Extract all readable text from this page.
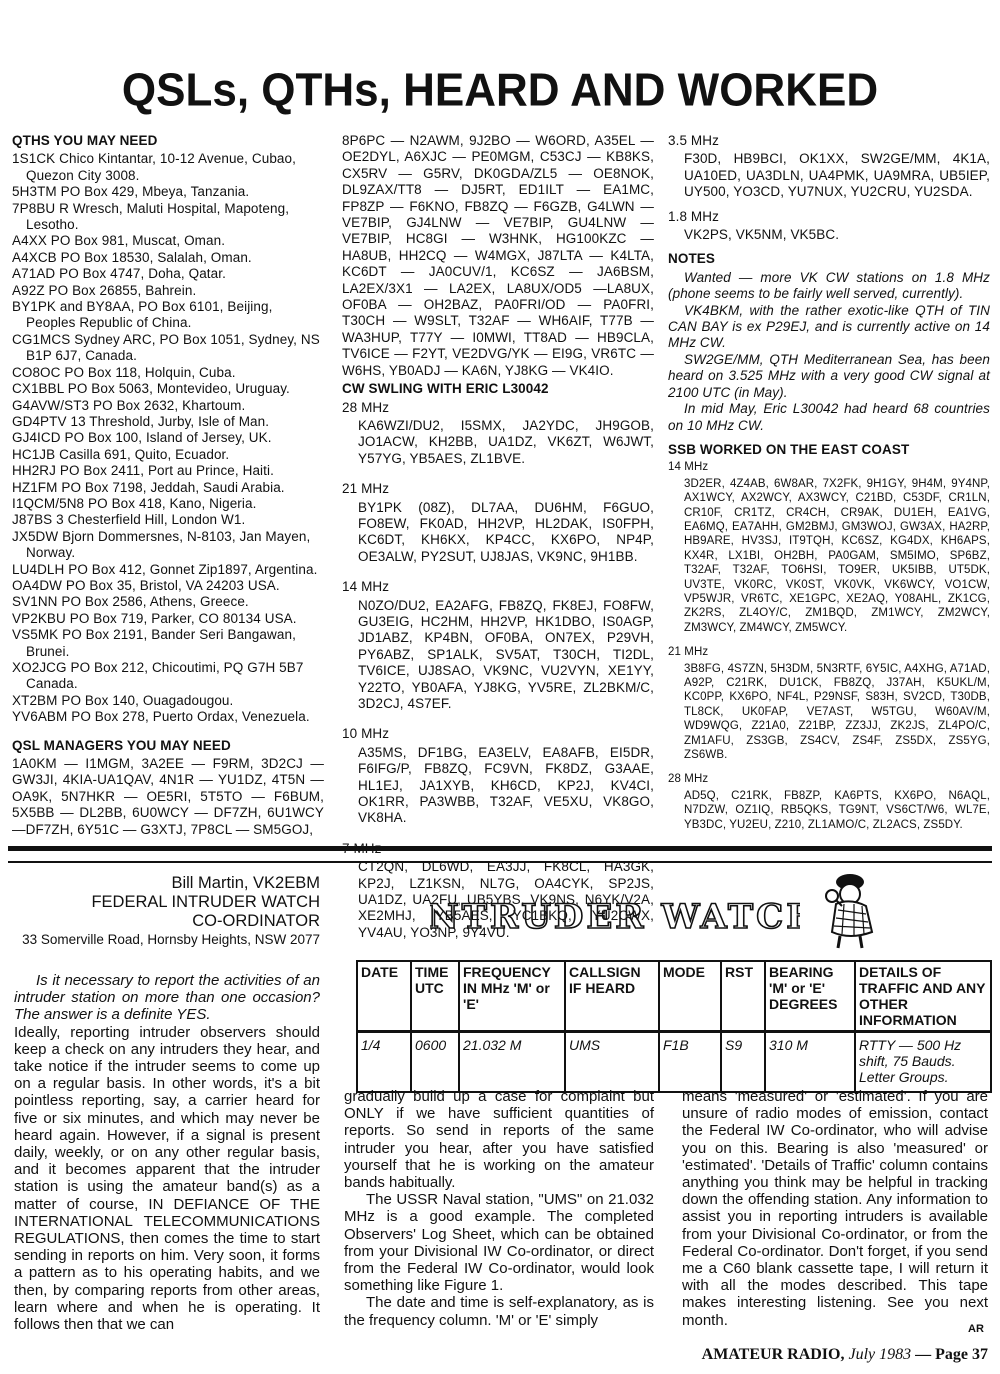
QSLs, QTHs, HEARD AND WORKED
QTHS YOU MAY NEED

1S1CK Chico Kintantar, 10-12 Avenue, Cubao, Quezon City 3008.

5H3TM PO Box 429, Mbeya, Tanzania.

7P8BU R Wresch, Maluti Hospital, Mapoteng, Lesotho.

A4XX PO Box 981, Muscat, Oman.

A4XCB PO Box 18530, Salalah, Oman.

A71AD PO Box 4747, Doha, Qatar.

A92Z PO Box 26855, Bahrein.

BY1PK and BY8AA, PO Box 6101, Beijing, Peoples Republic of China.

CG1MCS Sydney ARC, PO Box 1051, Sydney, NS B1P 6J7, Canada.

CO8OC PO Box 118, Holquin, Cuba.

CX1BBL PO Box 5063, Montevideo, Uruguay.

G4AVW/ST3 PO Box 2632, Khartoum.

GD4PTV 13 Threshold, Jurby, Isle of Man.

GJ4ICD PO Box 100, Island of Jersey, UK.

HC1JB Casilla 691, Quito, Ecuador.

HH2RJ PO Box 2411, Port au Prince, Haiti.

HZ1FM PO Box 7198, Jeddah, Saudi Arabia.

I1QCM/5N8 PO Box 418, Kano, Nigeria.

J87BS 3 Chesterfield Hill, London W1.

JX5DW Bjorn Dommersnes, N-8103, Jan Mayen, Norway.

LU4DLH PO Box 412, Gonnet Zip1897, Argentina.

OA4DW PO Box 35, Bristol, VA 24203 USA.

SV1NN PO Box 2586, Athens, Greece.

VP2KBU PO Box 719, Parker, CO 80134 USA.

VS5MK PO Box 2191, Bander Seri Bangawan, Brunei.

XO2JCG PO Box 212, Chicoutimi, PQ G7H 5B7 Canada.

XT2BM PO Box 140, Ouagadougou.

YV6ABM PO Box 278, Puerto Ordax, Venezuela.

QSL MANAGERS YOU MAY NEED

1A0KM — I1MGM, 3A2EE — F9RM, 3D2CJ — GW3JI, 4KIA-UA1QAV, 4N1R — YU1DZ, 4T5N — OA9K, 5N7HKR — OE5RI, 5T5TO — F6BUM, 5X5BB — DL2BB, 6U0WCY — DF7ZH, 6U1WCY —DF7ZH, 6Y51C — G3XTJ, 7P8CL — SM5GOJ,

8P6PC — N2AWM, 9J2BO — W6ORD, A35EL — OE2DYL, A6XJC — PE0MGM, C53CJ — KB8KS, CX5RV — G5RV, DK0GDA/ZL5 — OE8NOK, DL9ZAX/TT8 — DJ5RT, ED1ILT — EA1MC, FP8ZP — F6KNO, FB8ZQ — F6GZB, G4LWN — VE7BIP, GJ4LNW — VE7BIP, GU4LNW — VE7BIP, HC8GI — W3HNK, HG100KZC — HA8UB, HH2CQ — W4MGX, J87LTA — K4LTA, KC6DT — JA0CUV/1, KC6SZ — JA6BSM, LA2EX/3X1 — LA2EX, LA8UX/OD5 —LA8UX, OF0BA — OH2BAZ, PA0FRI/OD — PA0FRI, T30CH — W9SLT, T32AF — WH6AIF, T77B —WA3HUP, T77Y — I0MWI, TT8AD — HB9CLA, TV6ICE — F2YT, VE2DVG/YK — EI9G, VR6TC — W6HS, YB0ADJ — KA6N, YJ8KG — VK4IO.

CW SWLING WITH ERIC L30042
28 MHz
KA6WZI/DU2, I5SMX, JA2YDC, JH9GOB, JO1ACW, KH2BB, UA1DZ, VK6ZT, W6JWT, Y57YG, YB5AES, ZL1BVE.
21 MHz
BY1PK (08Z), DL7AA, DU6HM, F6GUO, FO8EW, FK0AD, HH2VP, HL2DAK, IS0FPH, KC6DT, KH6KX, KP4CC, KX6PO, NP4P, OE3ALW, PY2SUT, UJ8JAS, VK9NC, 9H1BB.
14 MHz
N0ZO/DU2, EA2AFG, FB8ZQ, FK8EJ, FO8FW, GU3EIG, HC2HM, HH2VP, HK1DBO, IS0AGP, JD1ABZ, KP4BN, OF0BA, ON7EX, P29VH, PY6ABZ, SP1ALK, SV5AT, T30CH, TI2DL, TV6ICE, UJ8SAO, VK9NC, VU2VYN, XE1YY, Y22TO, YB0AFA, YJ8KG, YV5RE, ZL2BKM/C, 3D2CJ, 4S7EF.
10 MHz
A35MS, DF1BG, EA3ELV, EA8AFB, EI5DR, F6IFG/P, FB8ZQ, FC9VN, FK8DZ, G3AAE, HL1EJ, JA1XYB, KH6CD, KP2J, KV4CI, OK1RR, PA3WBB, T32AF, VE5XU, VK8GO, VK8HA.
7 MHz
CT2QN, DL6WD, EA3JJ, FK8CL, HA3GK, KP2J, LZ1KSN, NL7G, OA4CYK, SP2JS, UA1DZ, UA2FU, UB5YBS, VK9NS, N6YK/V2A, XE2MHJ, YB5AES, YC1BKQ, YU2CWX, YV4AU, YO3NP, 9Y4VU.
3.5 MHz
F30D, HB9BCI, OK1XX, SW2GE/MM, 4K1A, UA10ED, UA3DLN, UA4PMK, UA9MRA, UB5IEP, UY500, YO3CD, YU7NUX, YU2CRU, YU2SDA.
1.8 MHz
VK2PS, VK5NM, VK5BC.
NOTES

Wanted — more VK CW stations on 1.8 MHz (phone seems to be fairly well served, currently).

VK4BKM, with the rather exotic-like QTH of TIN CAN BAY is ex P29EJ, and is currently active on 14 MHz CW.

SW2GE/MM, QTH Mediterranean Sea, has been heard on 3.525 MHz with a very good CW signal at 2100 UTC (in May).

In mid May, Eric L30042 had heard 68 countries on 10 MHz CW.

SSB WORKED ON THE EAST COAST
14 MHz
3D2ER, 4Z4AB, 6W8AR, 7X2FK, 9H1GY, 9H4M, 9Y4NP, AX1WCY, AX2WCY, AX3WCY, C21BD, C53DF, CR1LN, CR10F, CR1TZ, CR4CH, CR9AK, DU1EH, EA1VG, EA6MQ, EA7AHH, GM2BMJ, GM3WOJ, GW3AX, HA2RP, HB9ARE, HV3SJ, IT9TQH, KC6SZ, KG4DX, KH6APS, KX4R, LX1BI, OH2BH, PA0GAM, SM5IMO, SP6BZ, T32AF, T32AF, TO6HSI, TO9ER, UK5IBB, UT5DK, UV3TE, VK0RC, VK0ST, VK0VK, VK6WCY, VO1CW, VP5WJR, VR6TC, XE1GPC, XE2AQ, Y08AHL, ZK1CG, ZK2RS, ZL4OY/C, ZM1BQD, ZM1WCY, ZM2WCY, ZM3WCY, ZM4WCY, ZM5WCY.
21 MHz
3B8FG, 4S7ZN, 5H3DM, 5N3RTF, 6Y5IC, A4XHG, A71AD, A92P, C21RK, DU1CK, FB8ZQ, J37AH, K5UKL/M, KC0PP, KX6PO, NF4L, P29NSF, S83H, SV2CD, T30DB, TL8CK, UK0FAP, VE7AST, W5TGU, W60AV/M, WD9WQG, Z21A0, Z21BP, ZZ3JJ, ZK2JS, ZL4PO/C, ZM1AFU, ZS3GB, ZS4CV, ZS4F, ZS5DX, ZS5YG, ZS6WB.
28 MHz
AD5Q, C21RK, FB8ZP, KA6PTS, KX6PO, N6AQL, N7DZW, OZ1IQ, RB5QKS, TG9NT, VS6CT/W6, WL7E, YB3DC, YU2EU, Z210, ZL1AMO/C, ZL2ACS, ZS5DY.
Bill Martin, VK2EBM
FEDERAL INTRUDER WATCH
CO-ORDINATOR
33 Somerville Road, Hornsby Heights, NSW 2077
INTRUDER WATC

Is it necessary to report the activities of an intruder station on more than one occasion? The answer is a definite YES.

Ideally, reporting intruder observers should keep a check on any intruders they hear, and take notice if the intruder seems to come up on a regular basis. In other words, it's a bit pointless reporting, say, a carrier heard for five or six minutes, and which may never be heard again. However, if a signal is present daily, weekly, or on any other regular basis, and it becomes apparent that the intruder station is using the amateur band(s) as a matter of course, IN DEFIANCE OF THE INTERNATIONAL TELECOMMUNICATIONS REGULATIONS, then comes the time to start sending in reports on him. Very soon, it forms a pattern as to his operating habits, and we then, by comparing reports from other areas, learn where and when he is operating. It follows then that we can

DATE	TIME UTC	FREQUENCY IN MHz 'M' or 'E'	CALLSIGN IF HEARD	MODE	RST	BEARING 'M' or 'E' DEGREES	DETAILS OF TRAFFIC AND ANY OTHER INFORMATION
1/4	0600	21.032 M	UMS	F1B	S9	310 M	RTTY — 500 Hz shift, 75 Bauds. Letter Groups.

gradually build up a case for complaint but ONLY if we have sufficient quantities of reports. So send in reports of the same intruder you hear, after you have satisfied yourself that he is working on the amateur bands habitually.

The USSR Naval station, "UMS" on 21.032 MHz is a good example. The completed Observers' Log Sheet, which can be obtained from your Divisional IW Co-ordinator, or direct from the Federal IW Co-ordinator, would look something like Figure 1.

The date and time is self-explanatory, as is the frequency column. 'M' or 'E' simply

means 'measured' or 'estimated'. If you are unsure of radio modes of emission, contact the Federal IW Co-ordinator, who will advise you on this. Bearing is also 'measured' or 'estimated'. 'Details of Traffic' column contains anything you think may be helpful in tracking down the offending station. Any information to assist you in reporting intruders is available from your Divisional Co-ordinator, or from the Federal Co-ordinator. Don't forget, if you send me a C60 blank cassette tape, I will return it with all the modes described. This tape makes interesting listening. See you next month.

AR
AMATEUR RADIO, July 1983 — Page 37
